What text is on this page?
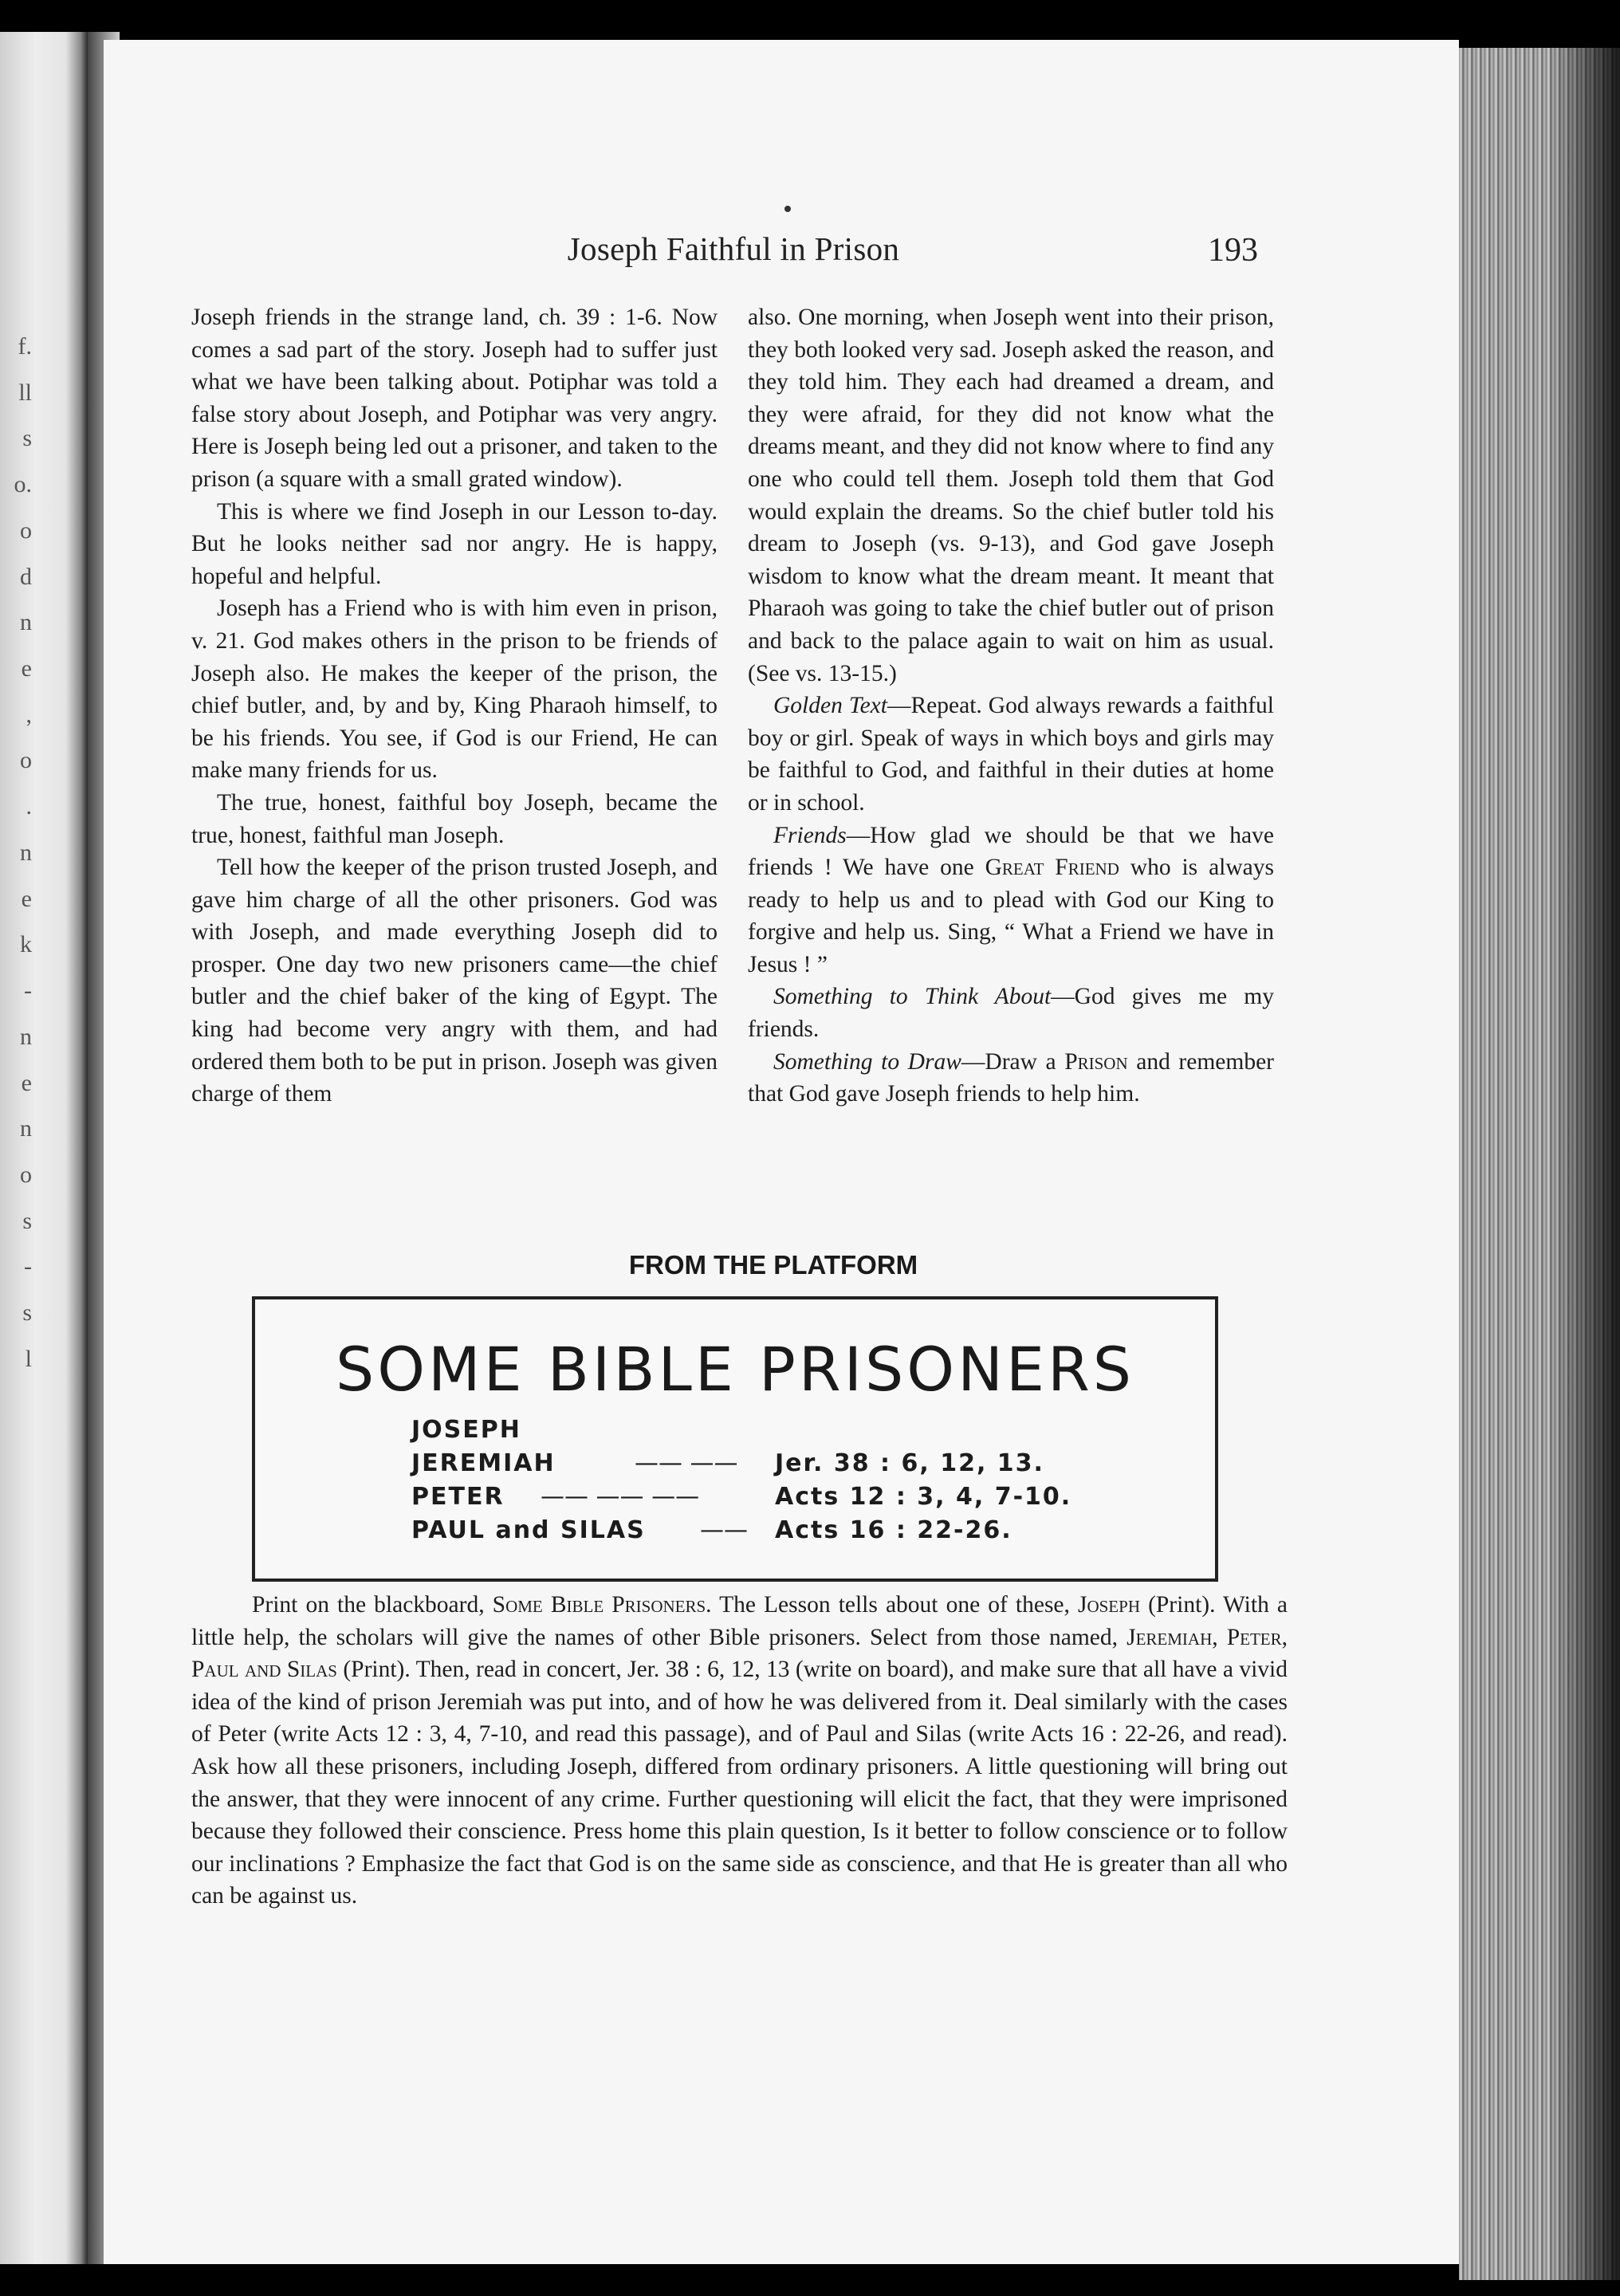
f.
ll
s
o.
o
d
n
e
,
o
.
n
e
k
-
n
e
n
o
s
-
s
l
Joseph Faithful in Prison	193

Joseph friends in the strange land, ch. 39 : 1-6. Now comes a sad part of the story. Joseph had to suffer just what we have been talking about. Potiphar was told a false story about Joseph, and Potiphar was very angry. Here is Joseph being led out a prisoner, and taken to the prison (a square with a small grated window).

This is where we find Joseph in our Lesson to-day. But he looks neither sad nor angry. He is happy, hopeful and helpful.

Joseph has a Friend who is with him even in prison, v. 21. God makes others in the prison to be friends of Joseph also. He makes the keeper of the prison, the chief butler, and, by and by, King Pharaoh himself, to be his friends. You see, if God is our Friend, He can make many friends for us.

The true, honest, faithful boy Joseph, became the true, honest, faithful man Joseph.

Tell how the keeper of the prison trusted Joseph, and gave him charge of all the other prisoners. God was with Joseph, and made everything Joseph did to prosper. One day two new prisoners came—the chief butler and the chief baker of the king of Egypt. The king had become very angry with them, and had ordered them both to be put in prison. Joseph was given charge of them

also. One morning, when Joseph went into their prison, they both looked very sad. Joseph asked the reason, and they told him. They each had dreamed a dream, and they were afraid, for they did not know what the dreams meant, and they did not know where to find any one who could tell them. Joseph told them that God would explain the dreams. So the chief butler told his dream to Joseph (vs. 9-13), and God gave Joseph wisdom to know what the dream meant. It meant that Pharaoh was going to take the chief butler out of prison and back to the palace again to wait on him as usual. (See vs. 13-15.)

Golden Text—Repeat. God always rewards a faithful boy or girl. Speak of ways in which boys and girls may be faithful to God, and faithful in their duties at home or in school.

Friends—How glad we should be that we have friends ! We have one Great Friend who is always ready to help us and to plead with God our King to forgive and help us. Sing, “ What a Friend we have in Jesus ! ”

Something to Think About—God gives me my friends.

Something to Draw—Draw a Prison and remember that God gave Joseph friends to help him.

FROM THE PLATFORM
SOME BIBLE PRISONERS
JOSEPH
JEREMIAH	—— —— Jer. 38 : 6, 12, 13.
PETER —— —— ——	Acts 12 : 3, 4, 7-10.
PAUL and SILAS —— Acts 16 : 22-26.

Print on the blackboard, Some Bible Prisoners. The Lesson tells about one of these, Joseph (Print). With a little help, the scholars will give the names of other Bible prisoners. Select from those named, Jeremiah, Peter, Paul and Silas (Print). Then, read in concert, Jer. 38 : 6, 12, 13 (write on board), and make sure that all have a vivid idea of the kind of prison Jeremiah was put into, and of how he was delivered from it. Deal similarly with the cases of Peter (write Acts 12 : 3, 4, 7-10, and read this passage), and of Paul and Silas (write Acts 16 : 22-26, and read). Ask how all these prisoners, including Joseph, differed from ordinary prisoners. A little questioning will bring out the answer, that they were innocent of any crime. Further questioning will elicit the fact, that they were imprisoned because they followed their conscience. Press home this plain question, Is it better to follow conscience or to follow our inclinations ? Emphasize the fact that God is on the same side as conscience, and that He is greater than all who can be against us.
